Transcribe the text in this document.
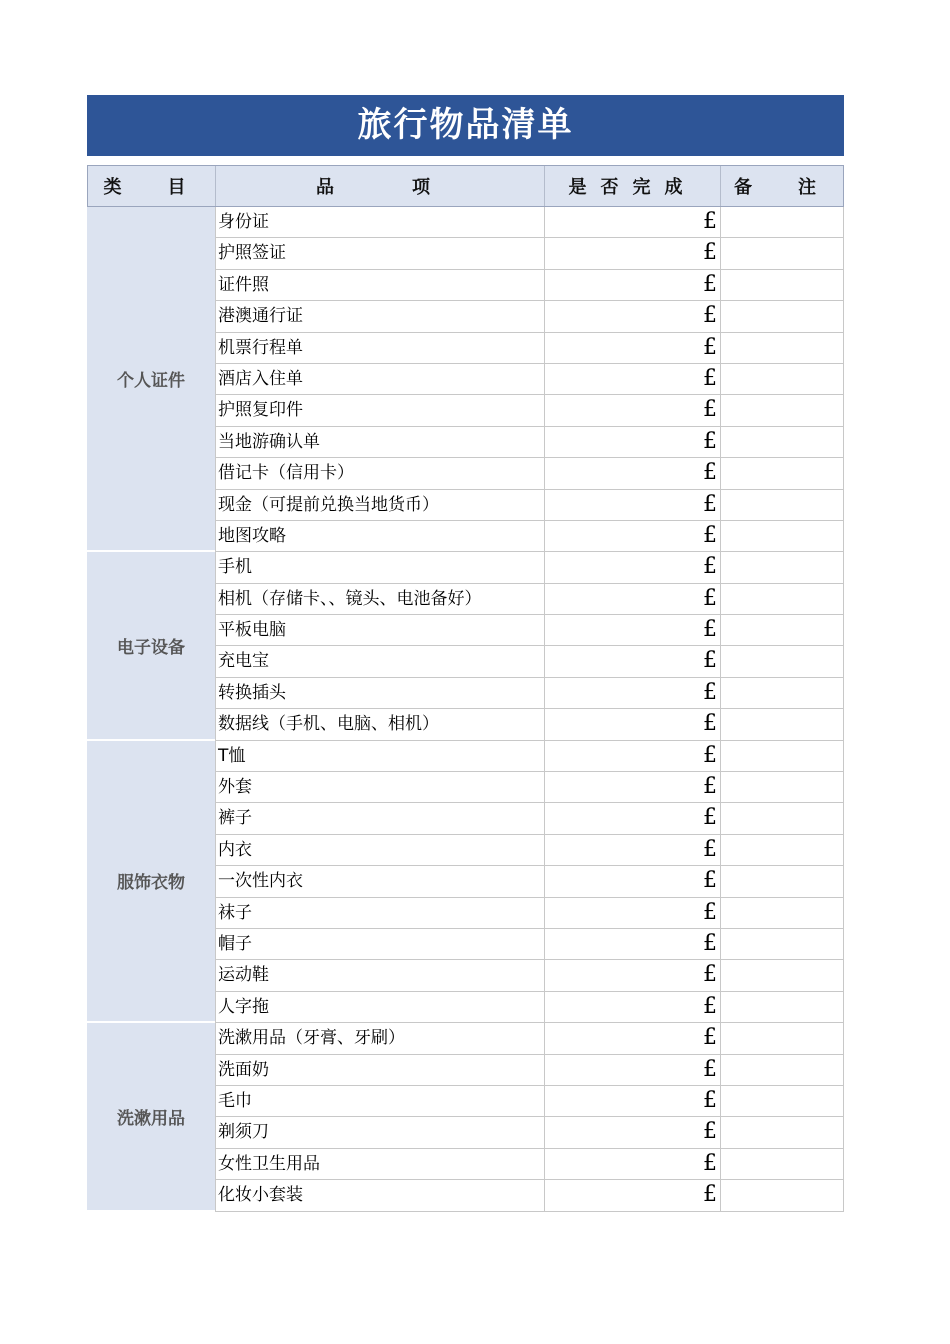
旅行物品清单
类　目	品　　项	是否完成	备　注
个人证件
身份证	£
护照签证	£
证件照	£
港澳通行证	£
机票行程单	£
酒店入住单	£
护照复印件	£
当地游确认单	£
借记卡（信用卡）	£
现金（可提前兑换当地货币）	£
地图攻略	£
电子设备
手机	£
相机（存储卡、、镜头、电池备好）	£
平板电脑	£
充电宝	£
转换插头	£
数据线（手机、电脑、相机）	£
服饰衣物
T恤	£
外套	£
裤子	£
内衣	£
一次性内衣	£
袜子	£
帽子	£
运动鞋	£
人字拖	£
洗漱用品
洗漱用品（牙膏、牙刷）	£
洗面奶	£
毛巾	£
剃须刀	£
女性卫生用品	£
化妆小套装	£
